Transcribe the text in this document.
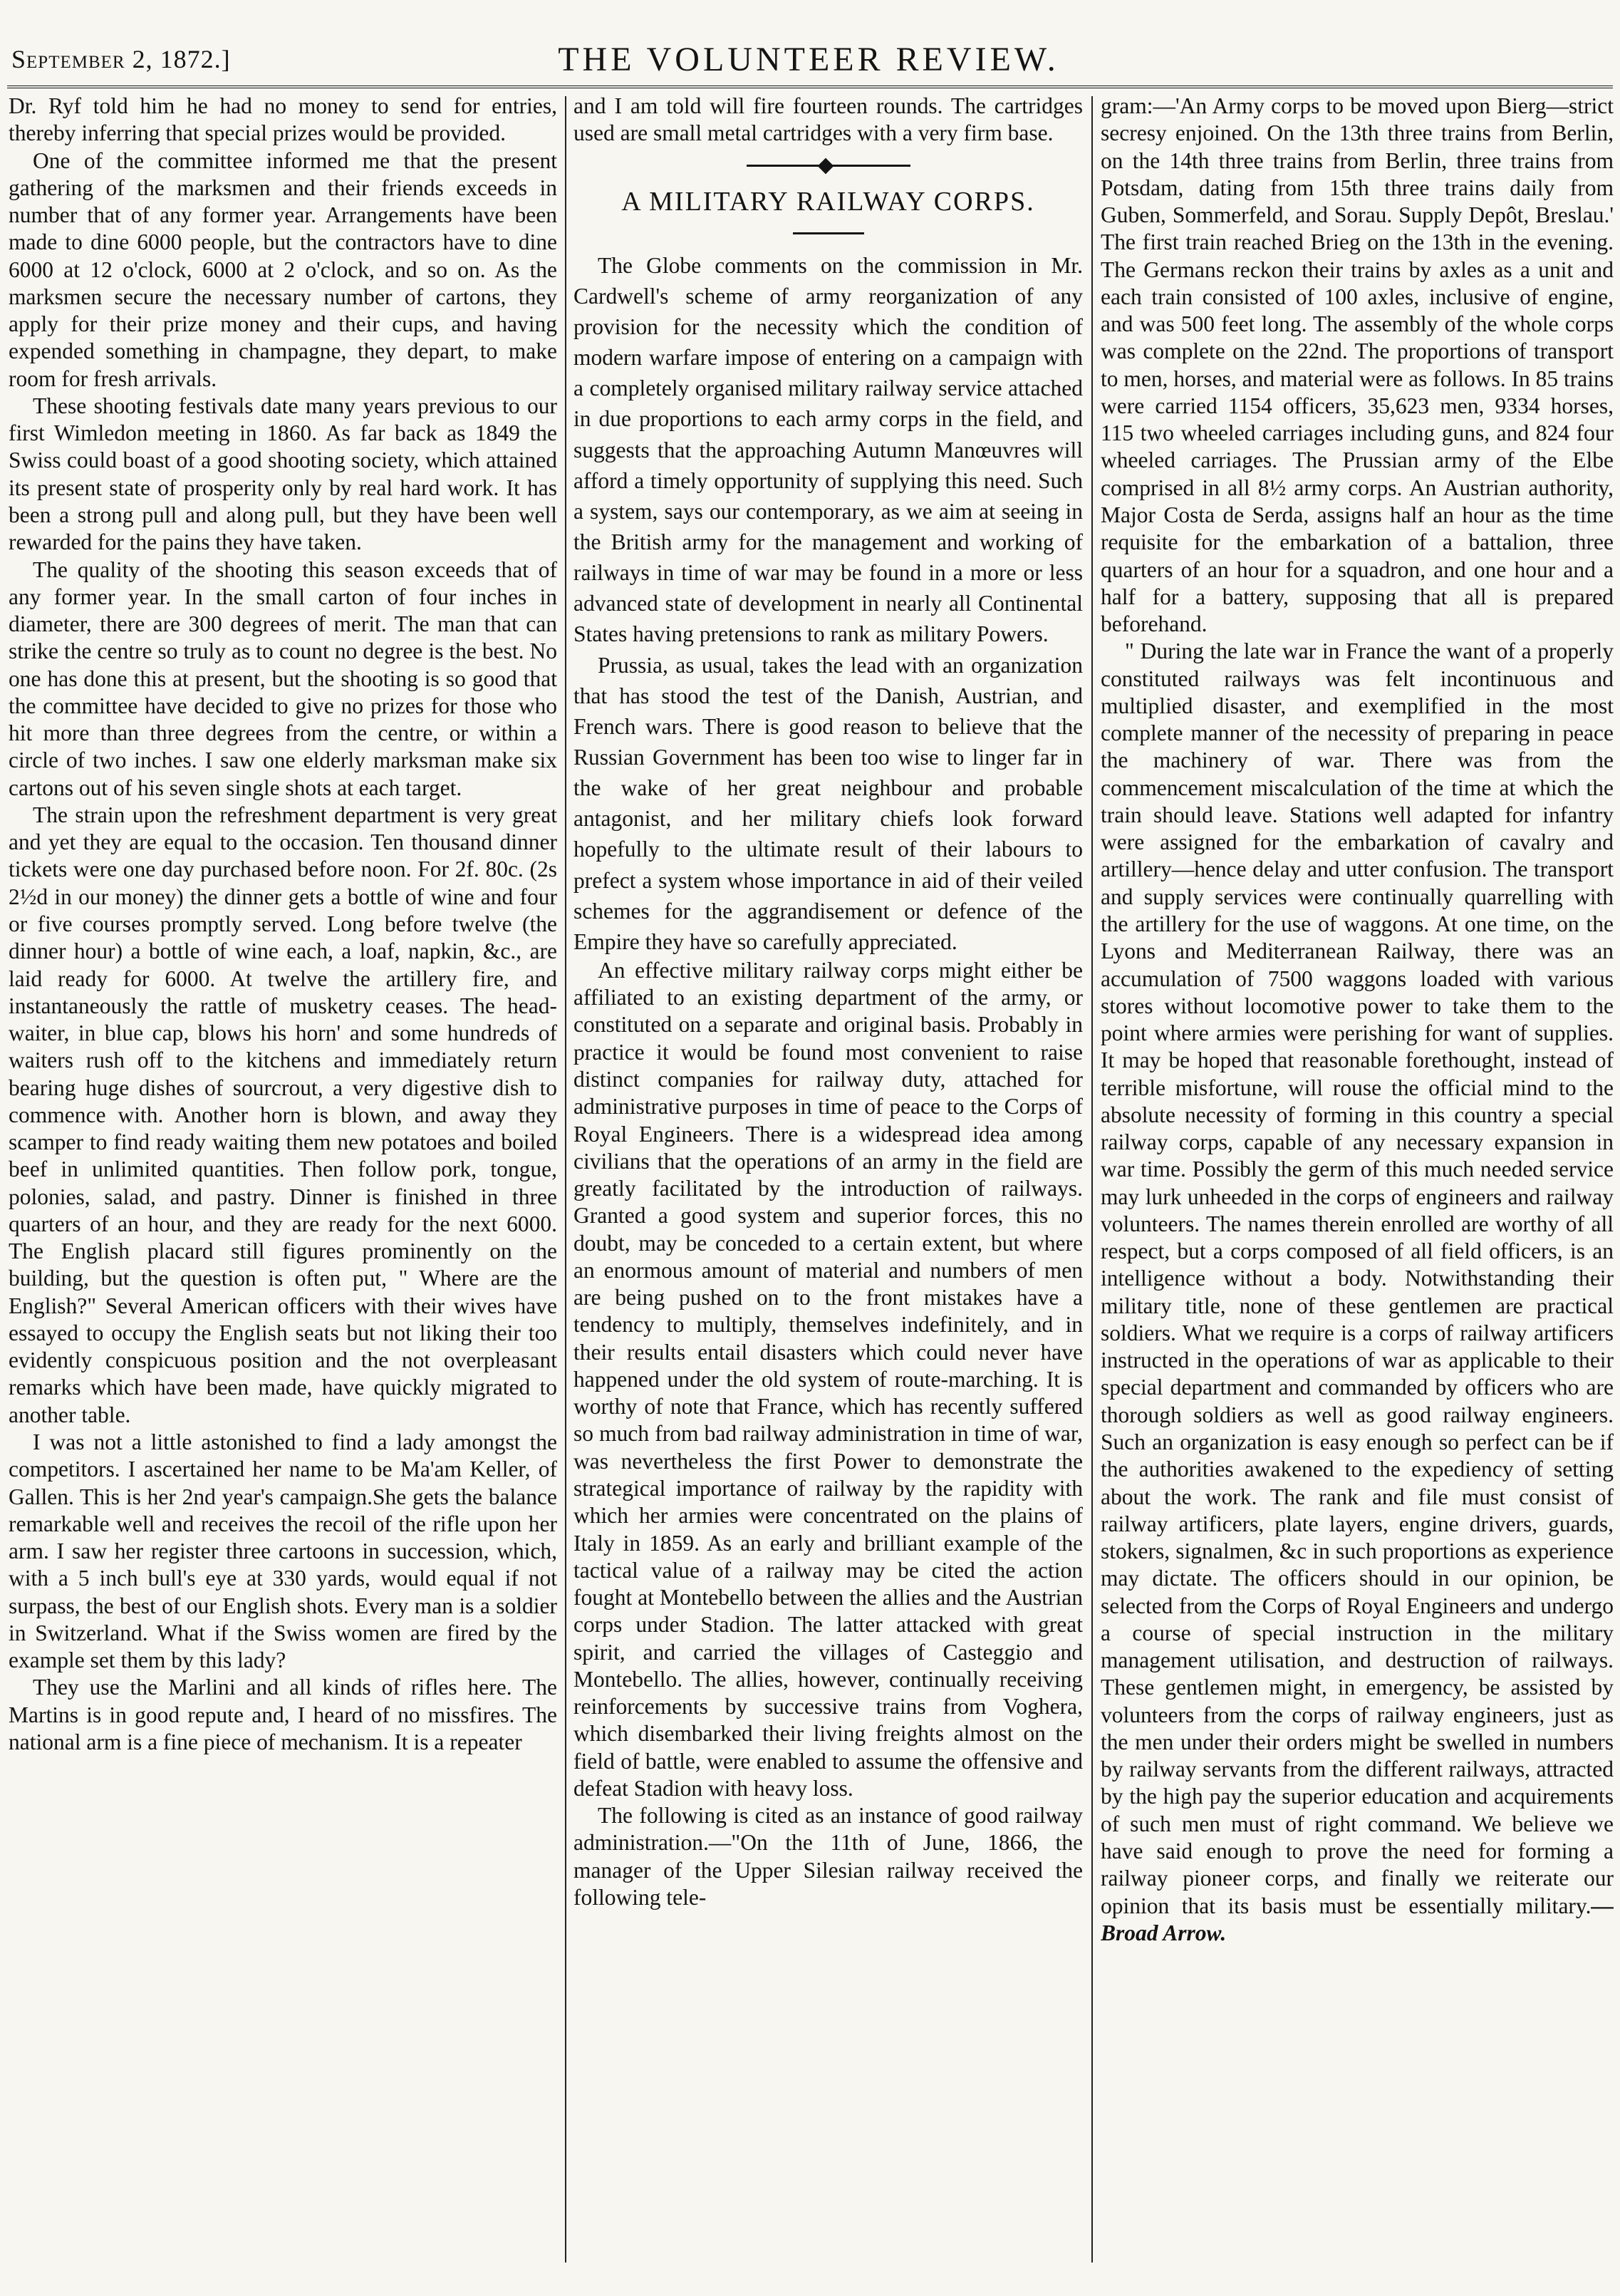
September 2, 1872.]	THE VOLUNTEER REVIEW.

Dr. Ryf told him he had no money to send for entries, thereby inferring that special prizes would be provided.

One of the committee informed me that the present gathering of the marksmen and their friends exceeds in number that of any former year. Arrangements have been made to dine 6000 people, but the contractors have to dine 6000 at 12 o'clock, 6000 at 2 o'clock, and so on. As the marksmen secure the necessary number of cartons, they apply for their prize money and their cups, and having expended something in champagne, they depart, to make room for fresh arrivals.

These shooting festivals date many years previous to our first Wimledon meeting in 1860. As far back as 1849 the Swiss could boast of a good shooting society, which attained its present state of prosperity only by real hard work. It has been a strong pull and along pull, but they have been well rewarded for the pains they have taken.

The quality of the shooting this season exceeds that of any former year. In the small carton of four inches in diameter, there are 300 degrees of merit. The man that can strike the centre so truly as to count no degree is the best. No one has done this at present, but the shooting is so good that the committee have decided to give no prizes for those who hit more than three degrees from the centre, or within a circle of two inches. I saw one elderly marksman make six cartons out of his seven single shots at each target.

The strain upon the refreshment department is very great and yet they are equal to the occasion. Ten thousand dinner tickets were one day purchased before noon. For 2f. 80c. (2s 2½d in our money) the dinner gets a bottle of wine and four or five courses promptly served. Long before twelve (the dinner hour) a bottle of wine each, a loaf, napkin, &c., are laid ready for 6000. At twelve the artillery fire, and instantaneously the rattle of musketry ceases. The head-waiter, in blue cap, blows his horn' and some hundreds of waiters rush off to the kitchens and immediately return bearing huge dishes of sourcrout, a very digestive dish to commence with. Another horn is blown, and away they scamper to find ready waiting them new potatoes and boiled beef in unlimited quantities. Then follow pork, tongue, polonies, salad, and pastry. Dinner is finished in three quarters of an hour, and they are ready for the next 6000. The English placard still figures prominently on the building, but the question is often put, " Where are the English?" Several American officers with their wives have essayed to occupy the English seats but not liking their too evidently conspicuous position and the not overpleasant remarks which have been made, have quickly migrated to another table.

I was not a little astonished to find a lady amongst the competitors. I ascertained her name to be Ma'am Keller, of Gallen. This is her 2nd year's campaign.She gets the balance remarkable well and receives the recoil of the rifle upon her arm. I saw her register three cartoons in succession, which, with a 5 inch bull's eye at 330 yards, would equal if not surpass, the best of our English shots. Every man is a soldier in Switzerland. What if the Swiss women are fired by the example set them by this lady?

They use the Marlini and all kinds of rifles here. The Martins is in good repute and, I heard of no missfires. The national arm is a fine piece of mechanism. It is a repeater

and I am told will fire fourteen rounds. The cartridges used are small metal cartridges with a very firm base.

A MILITARY RAILWAY CORPS.

The Globe comments on the commission in Mr. Cardwell's scheme of army reorganization of any provision for the necessity which the condition of modern warfare impose of entering on a campaign with a completely organised military railway service attached in due proportions to each army corps in the field, and suggests that the approaching Autumn Manœuvres will afford a timely opportunity of supplying this need. Such a system, says our contemporary, as we aim at seeing in the British army for the management and working of railways in time of war may be found in a more or less advanced state of development in nearly all Continental States having pretensions to rank as military Powers.

Prussia, as usual, takes the lead with an organization that has stood the test of the Danish, Austrian, and French wars. There is good reason to believe that the Russian Government has been too wise to linger far in the wake of her great neighbour and probable antagonist, and her military chiefs look forward hopefully to the ultimate result of their labours to prefect a system whose importance in aid of their veiled schemes for the aggrandisement or defence of the Empire they have so carefully appreciated.

An effective military railway corps might either be affiliated to an existing department of the army, or constituted on a separate and original basis. Probably in practice it would be found most convenient to raise distinct companies for railway duty, attached for administrative purposes in time of peace to the Corps of Royal Engineers. There is a widespread idea among civilians that the operations of an army in the field are greatly facilitated by the introduction of railways. Granted a good system and superior forces, this no doubt, may be conceded to a certain extent, but where an enormous amount of material and numbers of men are being pushed on to the front mistakes have a tendency to multiply, themselves indefinitely, and in their results entail disasters which could never have happened under the old system of route-marching. It is worthy of note that France, which has recently suffered so much from bad railway administration in time of war, was nevertheless the first Power to demonstrate the strategical importance of railway by the rapidity with which her armies were concentrated on the plains of Italy in 1859. As an early and brilliant example of the tactical value of a railway may be cited the action fought at Montebello between the allies and the Austrian corps under Stadion. The latter attacked with great spirit, and carried the villages of Casteggio and Montebello. The allies, however, continually receiving reinforcements by successive trains from Voghera, which disembarked their living freights almost on the field of battle, were enabled to assume the offensive and defeat Stadion with heavy loss.

The following is cited as an instance of good railway administration.—"On the 11th of June, 1866, the manager of the Upper Silesian railway received the following tele-

gram:—'An Army corps to be moved upon Bierg—strict secresy enjoined. On the 13th three trains from Berlin, on the 14th three trains from Berlin, three trains from Potsdam, dating from 15th three trains daily from Guben, Sommerfeld, and Sorau. Supply Depôt, Breslau.' The first train reached Brieg on the 13th in the evening. The Germans reckon their trains by axles as a unit and each train consisted of 100 axles, inclusive of engine, and was 500 feet long. The assembly of the whole corps was complete on the 22nd. The proportions of transport to men, horses, and material were as follows. In 85 trains were carried 1154 officers, 35,623 men, 9334 horses, 115 two wheeled carriages including guns, and 824 four wheeled carriages. The Prussian army of the Elbe comprised in all 8½ army corps. An Austrian authority, Major Costa de Serda, assigns half an hour as the time requisite for the embarkation of a battalion, three quarters of an hour for a squadron, and one hour and a half for a battery, supposing that all is prepared beforehand.

" During the late war in France the want of a properly constituted railways was felt incontinuous and multiplied disaster, and exemplified in the most complete manner of the necessity of preparing in peace the machinery of war. There was from the commencement miscalculation of the time at which the train should leave. Stations well adapted for infantry were assigned for the embarkation of cavalry and artillery—hence delay and utter confusion. The transport and supply services were continually quarrelling with the artillery for the use of waggons. At one time, on the Lyons and Mediterranean Railway, there was an accumulation of 7500 waggons loaded with various stores without locomotive power to take them to the point where armies were perishing for want of supplies. It may be hoped that reasonable forethought, instead of terrible misfortune, will rouse the official mind to the absolute necessity of forming in this country a special railway corps, capable of any necessary expansion in war time. Possibly the germ of this much needed service may lurk unheeded in the corps of engineers and railway volunteers. The names therein enrolled are worthy of all respect, but a corps composed of all field officers, is an intelligence without a body. Notwithstanding their military title, none of these gentlemen are practical soldiers. What we require is a corps of railway artificers instructed in the operations of war as applicable to their special department and commanded by officers who are thorough soldiers as well as good railway engineers. Such an organization is easy enough so perfect can be if the authorities awakened to the expediency of setting about the work. The rank and file must consist of railway artificers, plate layers, engine drivers, guards, stokers, signalmen, &c in such proportions as experience may dictate. The officers should in our opinion, be selected from the Corps of Royal Engineers and undergo a course of special instruction in the military management utilisation, and destruction of railways. These gentlemen might, in emergency, be assisted by volunteers from the corps of railway engineers, just as the men under their orders might be swelled in numbers by railway servants from the different railways, attracted by the high pay the superior education and acquirements of such men must of right command. We believe we have said enough to prove the need for forming a railway pioneer corps, and finally we reiterate our opinion that its basis must be essentially military.—Broad Arrow.
